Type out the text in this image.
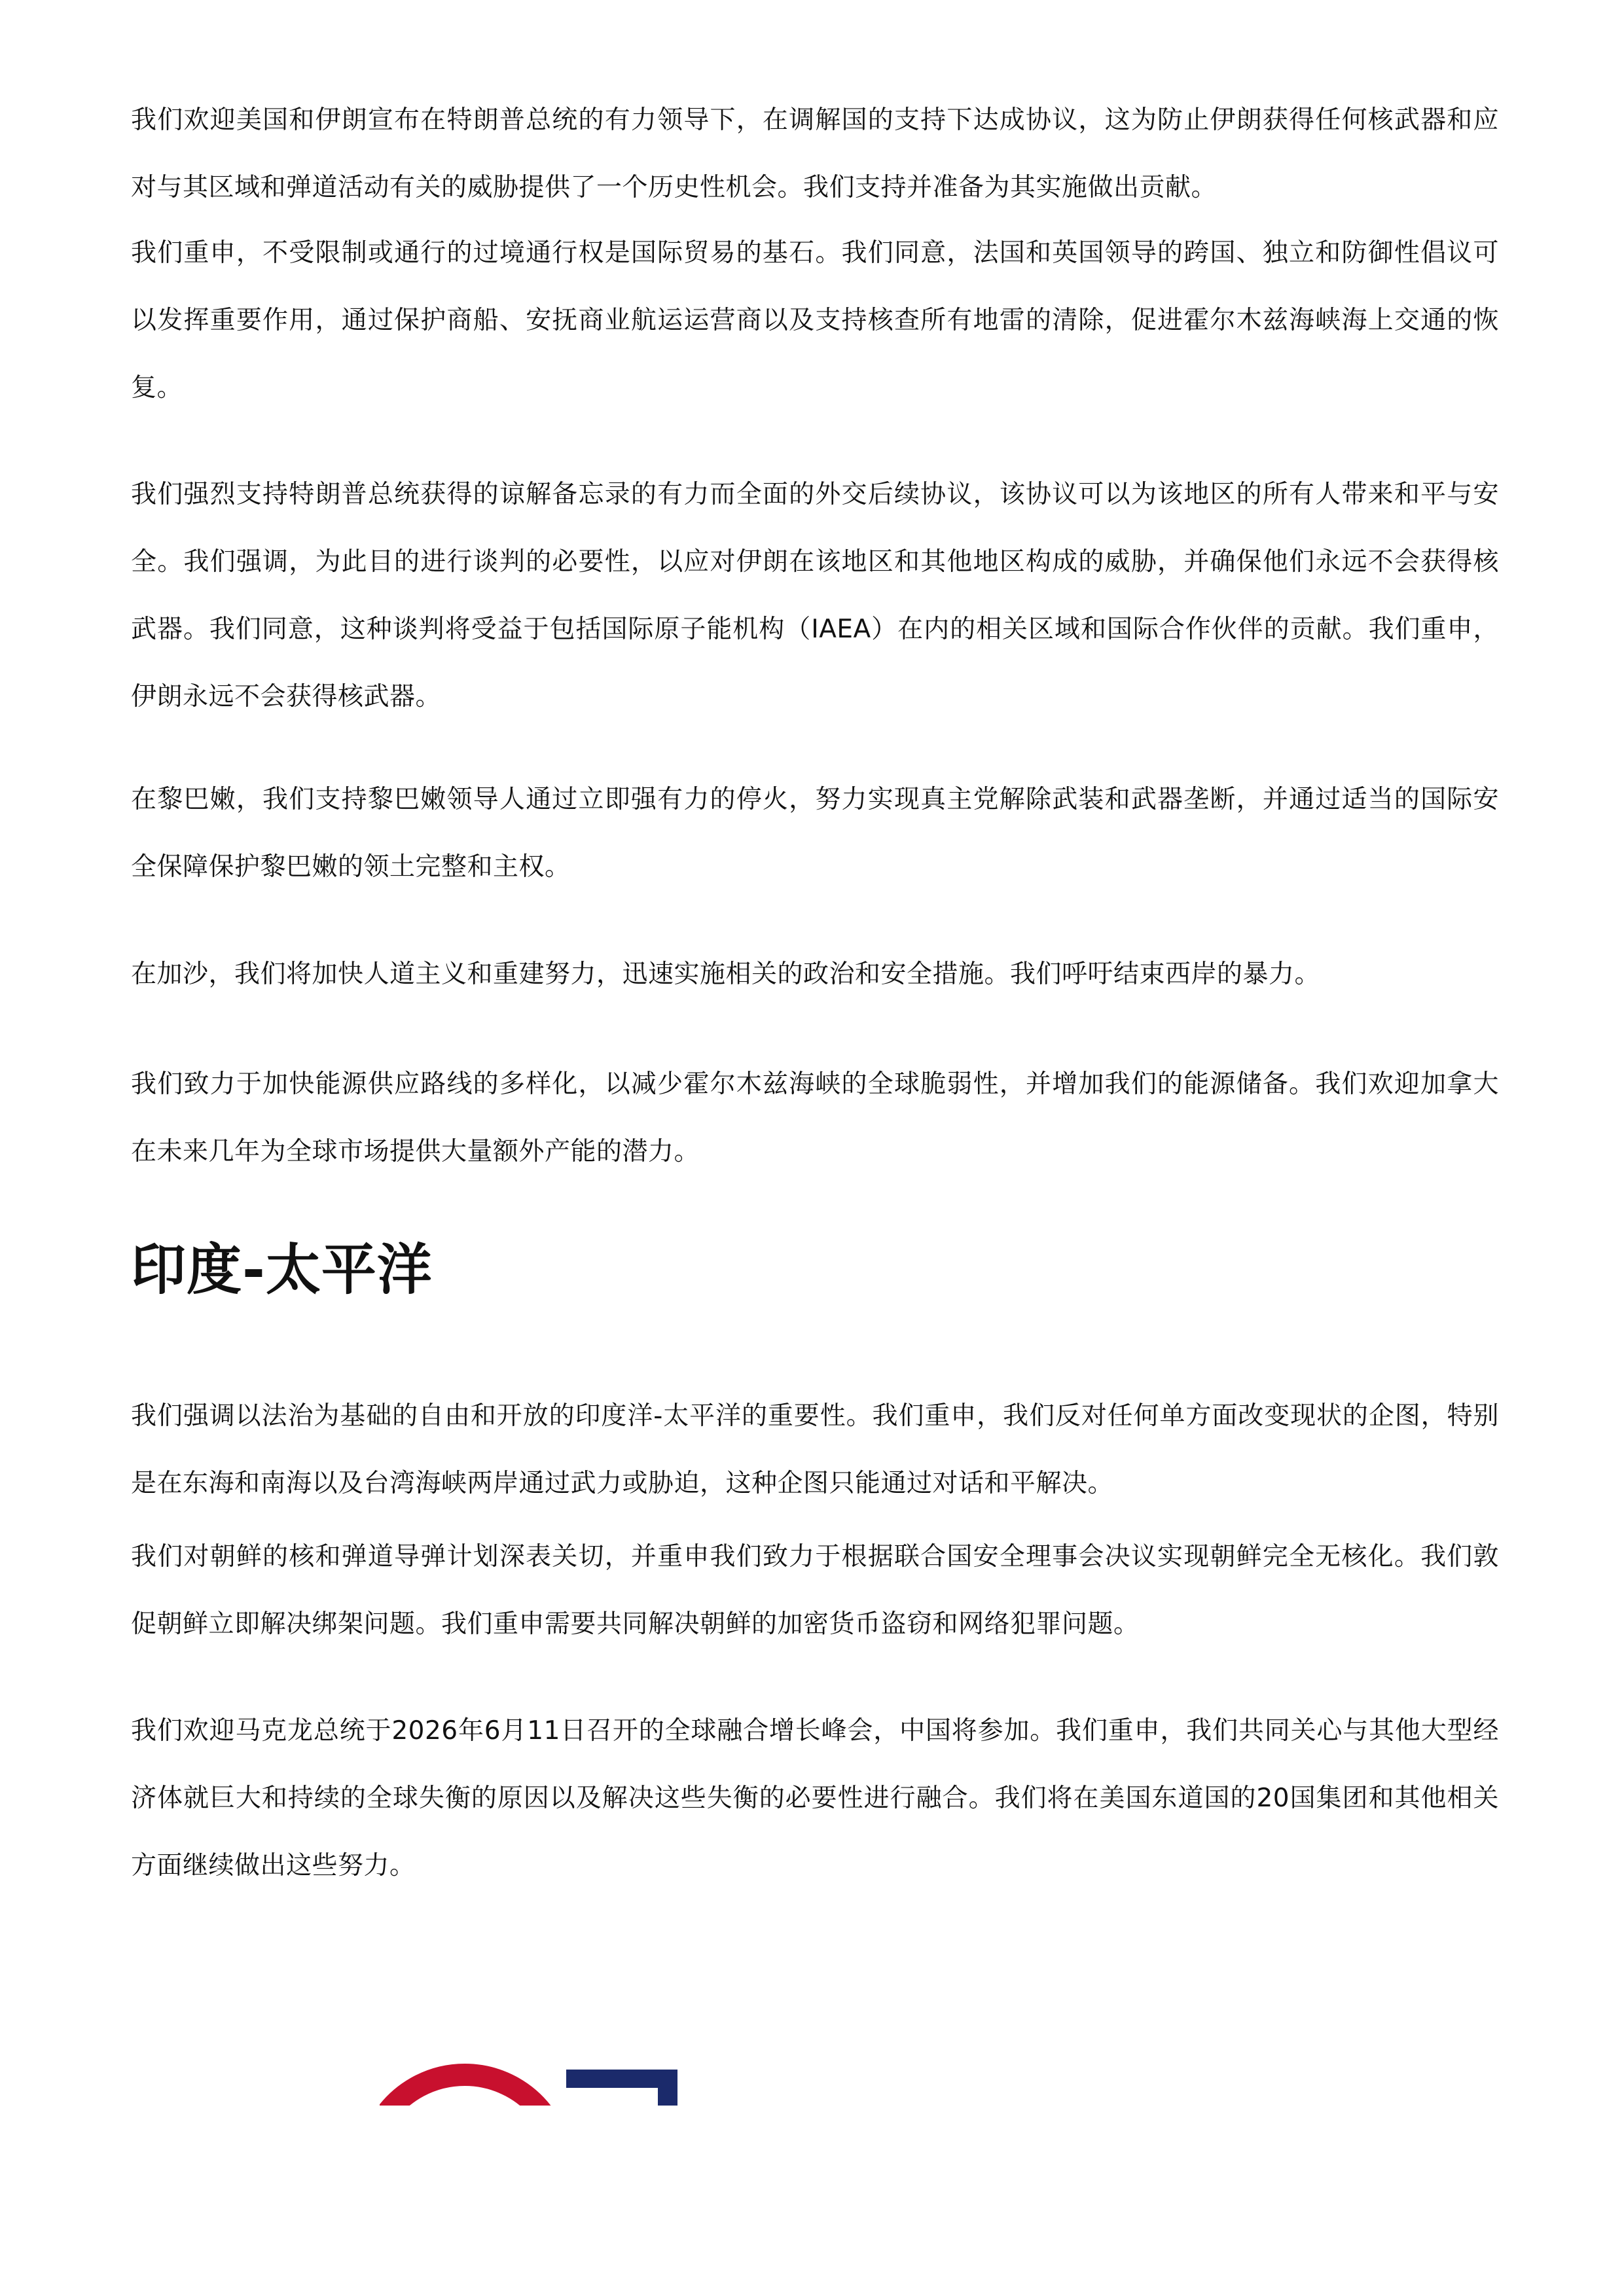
我们欢迎美国和伊朗宣布在特朗普总统的有力领导下，在调解国的支持下达成协议，这为防止伊朗获得任何核武器和应对与其区域和弹道活动有关的威胁提供了一个历史性机会。我们支持并准备为其实施做出贡献。

我们重申，不受限制或通行的过境通行权是国际贸易的基石。我们同意，法国和英国领导的跨国、独立和防御性倡议可以发挥重要作用，通过保护商船、安抚商业航运运营商以及支持核查所有地雷的清除，促进霍尔木兹海峡海上交通的恢复。

我们强烈支持特朗普总统获得的谅解备忘录的有力而全面的外交后续协议，该协议可以为该地区的所有人带来和平与安全。我们强调，为此目的进行谈判的必要性，以应对伊朗在该地区和其他地区构成的威胁，并确保他们永远不会获得核武器。我们同意，这种谈判将受益于包括国际原子能机构（IAEA）在内的相关区域和国际合作伙伴的贡献。我们重申，伊朗永远不会获得核武器。

在黎巴嫩，我们支持黎巴嫩领导人通过立即强有力的停火，努力实现真主党解除武装和武器垄断，并通过适当的国际安全保障保护黎巴嫩的领土完整和主权。

在加沙，我们将加快人道主义和重建努力，迅速实施相关的政治和安全措施。我们呼吁结束西岸的暴力。

我们致力于加快能源供应路线的多样化，以减少霍尔木兹海峡的全球脆弱性，并增加我们的能源储备。我们欢迎加拿大在未来几年为全球市场提供大量额外产能的潜力。

印度-太平洋

我们强调以法治为基础的自由和开放的印度洋-太平洋的重要性。我们重申，我们反对任何单方面改变现状的企图，特别是在东海和南海以及台湾海峡两岸通过武力或胁迫，这种企图只能通过对话和平解决。

我们对朝鲜的核和弹道导弹计划深表关切，并重申我们致力于根据联合国安全理事会决议实现朝鲜完全无核化。我们敦促朝鲜立即解决绑架问题。我们重申需要共同解决朝鲜的加密货币盗窃和网络犯罪问题。

我们欢迎马克龙总统于2026年6月11日召开的全球融合增长峰会，中国将参加。我们重申，我们共同关心与其他大型经济体就巨大和持续的全球失衡的原因以及解决这些失衡的必要性进行融合。我们将在美国东道国的20国集团和其他相关方面继续做出这些努力。
